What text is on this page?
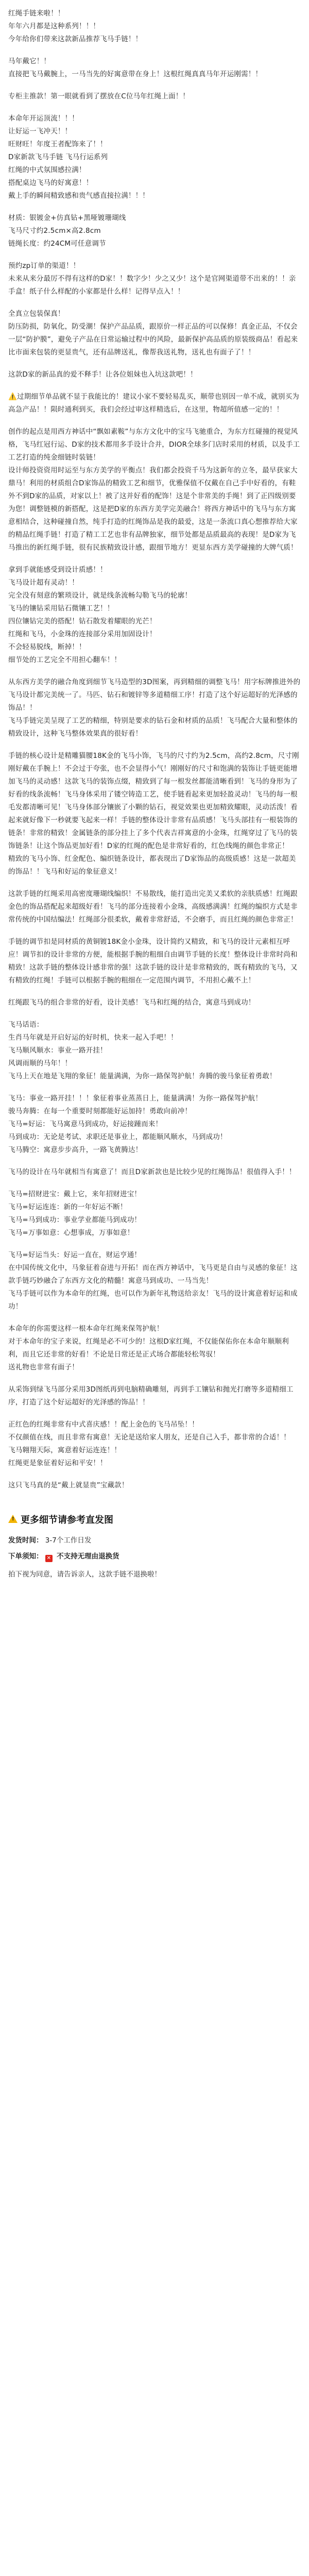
红绳手链来啦！！
年年六月都是这种系列！！！
今年给你们带来这款新品推荐飞马手链！！

马年戴它！！
直接把飞马戴腕上，一马当先的好寓意带在身上！这根红绳真真马年开运刚需！！

专柜主推款！第一眼就看到了摆放在C位马年红绳上面！！

本命年开运顶流！！！
让好运一飞冲天！！
旺财旺！年度王者配饰来了！！
D家新款飞马手链 飞马行运系列
红绳的中式氛围感拉满！
搭配桌边飞马的好寓意！！
戴上手的瞬间精致感和贵气感直接拉满！！！

材质：银镀金+仿真钻+黑哑镀珊瑚线
飞马尺寸约2.5cm×高2.8cm
链绳长度：约24CM可任意调节

预约zp订单的渠道！！
未来从来分最厉不得有这样的D家！！数字少！少之又少！这个是官网渠道带不出来的！！亲手盒！纸子什么样配的小家都是什么样！记得早点入！！

全真立包装保真！
防压防损，防氧化，防受潮！保护产品品质，跟原价一样正品的可以保修！真金正品，不仅会一层“防护膜”，避免子产品在日常运输过程中的风险，最新保护高品质的原装级商品！看起来比市面来包装的更显贵气，还有品牌送礼，像帮我送礼物，送礼也有面子了！！

这款D家的新品真的爱不释手！让各位姐妹也入坑这款吧！！

⚠️过期细节单品就不显于我能比的！建议小家不要轻易乱买，顺带也别因一单不成，就别买为高急产品！！陨时通利到买，我们会经过审这样精选后，在这里，物超所值感一定的！！

创作的起点是用西方神话中“飘如素鞍”与东方文化中的宝马飞驰重合，为东方红碰撞的视觉风格，飞马红冠行运、D家的技术都用多手设计合并，DIOR全球多门店时采用的材质，以及手工工艺打造的纯金细链时装链！
设计师投资资用时运至与东方美学的平衡点！我们都会投资千马为这新年的立冬，最早获家大鼎马！利用的材质组合D家饰品的精致工艺和细节，优雅保值不仅戴在自己手中好看的，有鞋外不到D家的品质，对家以上！被了这并好看的配饰！这是个非常美的手绳！到了正四级别要为您！调整链模的新搭配，这是把D家的东西方美学完美融合！将西方神话中的飞马与东方寓意相结合，这种碰撞自然，纯手打造的红绳饰品是我的最爱，这是一条流口真心想推荐给大家的精品红绳手链！打造了精工工艺也非有品牌独家，细节处都是品质最高的表现！是D家为飞马推出的新红绳手链，很有民族精致设计感，跟细节地方！更显东西方美学碰撞的大牌气质！

拿到手就能感受到设计质感！！
飞马设计超有灵动！！
完全没有刻意的繁琐设计，就是线条流畅勾勒飞马的轮廓！
飞马的镶钻采用钻石微镶工艺！！
四位镶钻完美的搭配！钻石散发着耀眼的光芒！
红绳和飞马，小金珠的连接部分采用加固设计！
不会轻易脱线，断掉！！
细节处的工艺完全不用担心翻车！！

从东西方美学的融合角度到细节飞马造型的3D图案，再到精细的调整飞马！用字标牌推进外的飞马设计都完美统一了。马匹、钻石和镀锌等多道精细工序！打造了这个好运超好的光泽感的饰品！！
飞马手链完美呈现了工艺的精细，特别是要求的钻石金和材质的品质！飞马配合大量和整体的精致设计，这种飞马整体效果真的很好看！

手链的核心设计是精雕猫腰18K金的飞马小饰，飞马的尺寸约为2.5cm，高约2.8cm，尺寸刚刚好戴在手腕上！不会过于夸张，也不会显得小气！刚刚好的尺寸和饱满的装饰让手链更能增加飞马的灵动感！这款飞马的装饰点缀，精致到了每一根发丝都能清晰看到！飞马的身形为了好看的线条流畅！飞马身体采用了镂空铸造工艺，使手链看起来更加轻盈灵动！飞马的每一根毛发都清晰可见！飞马身体部分镶嵌了小颗的钻石，视觉效果也更加精致耀眼，灵动活泼！看起来就好像下一秒就要飞起来一样！手链的整体设计非常有品质感！飞马头部挂有一根装饰的链条！非常的精致！金属链条的部分挂上了多个代表吉祥寓意的小金珠，红绳穿过了飞马的装饰链条！让这个饰品更加好看！D家的红绳的配色是非常好看的，红色线绳的颜色非常正！
精致的飞马小饰、红金配色、编织链条设计，都表现出了D家饰品的高级质感！这是一款超美的饰品！！飞马和好运的象征意义！

这款手链的红绳采用高密度珊瑚线编织！不易散线，能打造出完美又柔软的亲肤质感！红绳跟金色的饰品搭配起来超级好看！飞马的部分连接着小金珠，高级感满满！红绳的编织方式是非常传统的中国结编法！红绳部分很柔软，戴着非常舒适，不会磨手，而且红绳的颜色非常正！

手链的调节扣是同材质的黄铜镀18K金小金珠，设计简约又精致，和飞马的设计元素相互呼应！调节扣的设计非常的方便，能根据手腕的粗细自由调节手链的长度！整体设计非常时尚和精致！这款手链的整体设计感非常的强！这款手链的设计是非常精致的，既有精致的飞马，又有精致的红绳！手链可以根据手腕的粗细在一定范围内调节，不用担心戴不上！

红绳跟飞马的组合非常的好看，设计美感！飞马和红绳的结合，寓意马到成功！

飞马话语：
生肖马年就是开启好运的好时机，快来一起入手吧！！
飞马顺风顺水：事业一路开挂！
风调雨顺的马年！！
飞马上天在地是飞翔的象征！能量满满，为你一路保驾护航！奔腾的骏马象征着勇敢！

飞马：事业一路开挂！！！象征着事业蒸蒸日上，能量满满！为你一路保驾护航！
骏马奔腾：在每一个重要时刻都能好运加持！勇敢向前冲！
飞马=好运：飞马寓意马到成功，好运接踵而来！
马到成功：无论是考试、求职还是事业上，都能顺风顺水，马到成功！
飞马腾空：寓意步步高升，一路飞黄腾达！

飞马的设计在马年就相当有寓意了！而且D家新款也是比较少见的红绳饰品！很值得入手！！

飞马=招财进宝：戴上它，来年招财进宝！
飞马=好运连连：新的一年好运不断！
飞马=马到成功：事业学业都能马到成功！
飞马=万事如意：心想事成，万事如意！

飞马=好运当头：好运一直在，财运亨通！
在中国传统文化中，马象征着奋进与开拓！而在西方神话中，飞马更是自由与灵感的象征！这款手链巧妙融合了东西方文化的精髓！寓意马到成功、一马当先！
飞马手链可以作为本命年的红绳，也可以作为新年礼物送给亲友！飞马的设计寓意着好运和成功！

本命年的你需要这样一根本命年红绳来保驾护航！
对于本命年的宝子来说，红绳是必不可少的！这根D家红绳，不仅能保佑你在本命年顺顺利利，而且它还非常的好看！不论是日常还是正式场合都能轻松驾驭！
送礼物也非常有面子！

从采饰到绿飞马部分采用3D图纸再到电脑精确雕刻，再到手工镶钻和抛光打磨等多道精细工序，打造了这个好运超好的光泽感的饰品！！

正红色的红绳非常有中式喜庆感！！配上金色的飞马吊坠！！
不仅颜值在线，而且非常有寓意！无论是送给家人朋友，还是自己入手，都非常的合适！！
飞马翱翔天际，寓意着好运连连！！
红绳更是象征着好运和平安！！

这只飞马真的是“戴上就显贵”宝藏款！

!
更多细节请参考直发图
发货时间： 3-7个工作日发
下单须知： ✕ 不支持无理由退换货
拍下视为同意，请告诉亲人，这款手链不退换啦！
